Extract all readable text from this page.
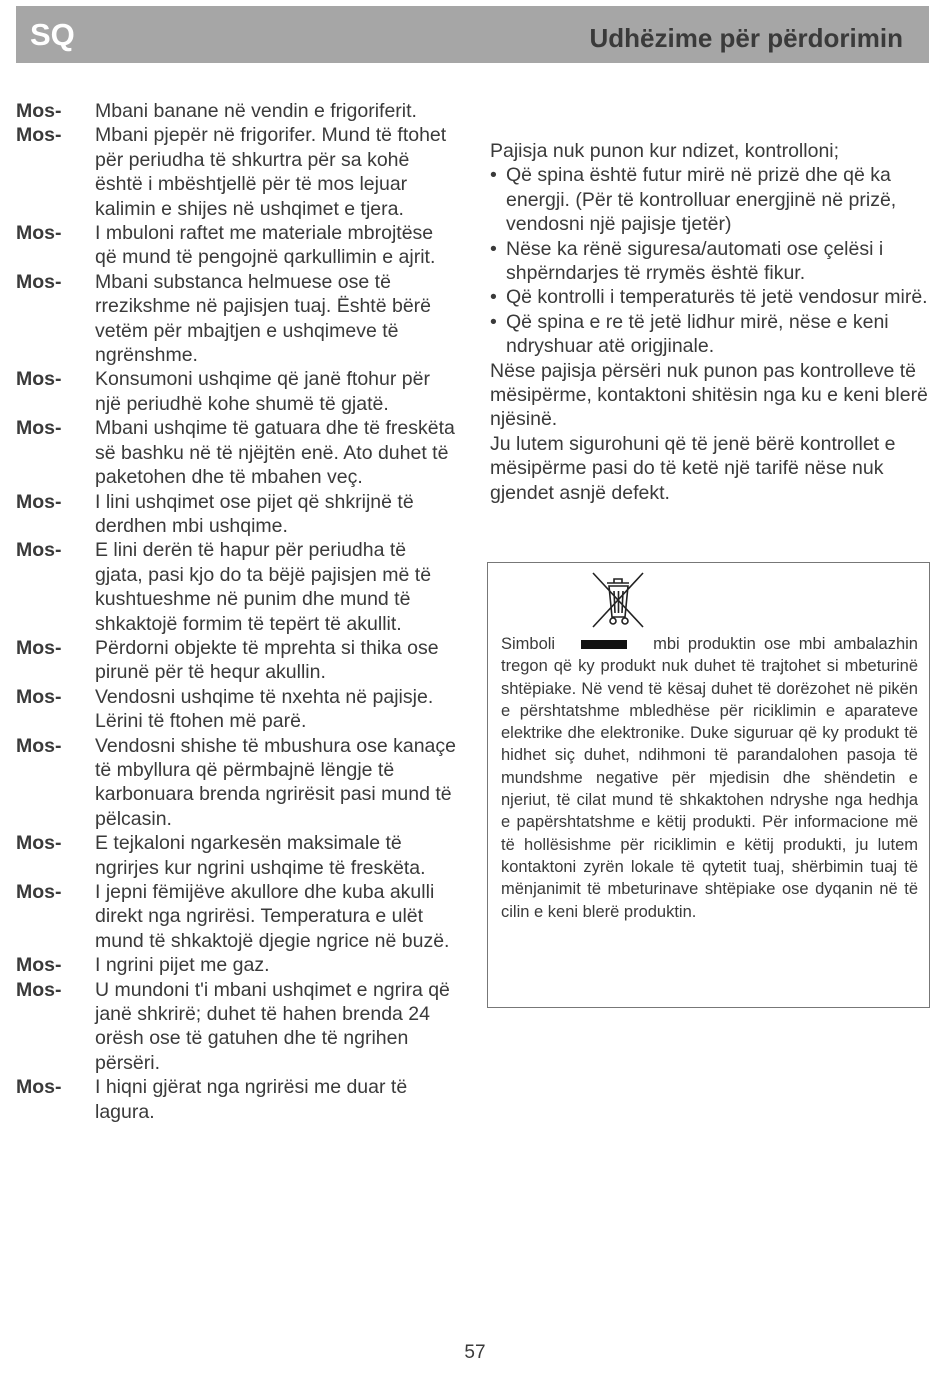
SQ	Udhëzime për përdorimin
Mos-	Mbani banane në vendin e frigoriferit.
Mos-	Mbani pjepër në frigorifer. Mund të ftohet për periudha të shkurtra për sa kohë është i mbështjellë për të mos lejuar kalimin e shijes në ushqimet e tjera.
Mos-	I mbuloni raftet me materiale mbrojtëse që mund të pengojnë qarkullimin e ajrit.
Mos-	Mbani substanca helmuese ose të rrezikshme në pajisjen tuaj. Është bërë vetëm për mbajtjen e ushqimeve të ngrënshme.
Mos-	Konsumoni ushqime që janë ftohur për një periudhë kohe shumë të gjatë.
Mos-	Mbani ushqime të gatuara dhe të freskëta së bashku në të njëjtën enë. Ato duhet të paketohen dhe të mbahen veç.
Mos-	I lini ushqimet ose pijet që shkrijnë të derdhen mbi ushqime.
Mos-	E lini derën të hapur për periudha të gjata, pasi kjo do ta bëjë pajisjen më të kushtueshme në punim dhe mund të shkaktojë formim të tepërt të akullit.
Mos-	Përdorni objekte të mprehta si thika ose pirunë për të hequr akullin.
Mos-	Vendosni ushqime të nxehta në pajisje. Lërini të ftohen më parë.
Mos-	Vendosni shishe të mbushura ose kanaçe të mbyllura që përmbajnë lëngje të karbonuara brenda ngrirësit pasi mund të pëlcasin.
Mos-	E tejkaloni ngarkesën maksimale të ngrirjes kur ngrini ushqime të freskëta.
Mos-	I jepni fëmijëve akullore dhe kuba akulli direkt nga ngrirësi. Temperatura e ulët mund të shkaktojë djegie ngrice në buzë.
Mos-	I ngrini pijet me gaz.
Mos-	U mundoni t'i mbani ushqimet e ngrira që janë shkrirë; duhet të hahen brenda 24 orësh ose të gatuhen dhe të ngrihen përsëri.
Mos-	I hiqni gjërat nga ngrirësi me duar të lagura.

Pajisja nuk punon kur ndizet, kontrolloni;

• Që spina është futur mirë në prizë dhe që ka energji. (Për të kontrolluar energjinë në prizë, vendosni një pajisje tjetër)
• Nëse ka rënë siguresa/automati ose çelësi i shpërndarjes të rrymës është fikur.
• Që kontrolli i temperaturës të jetë vendosur mirë.
• Që spina e re të jetë lidhur mirë, nëse e keni ndryshuar atë origjinale.

Nëse pajisja përsëri nuk punon pas kontrolleve të mësipërme, kontaktoni shitësin nga ku e keni blerë njësinë.

Ju lutem sigurohuni që të jenë bërë kontrollet e mësipërme pasi do të ketë një tarifë nëse nuk gjendet asnjë defekt.

Simboli	mbi produktin ose mbi ambalazhin tregon që ky produkt nuk duhet të trajtohet si mbeturinë shtëpiake. Në vend të kësaj duhet të dorëzohet në pikën e përshtatshme mbledhëse për riciklimin e aparateve elektrike dhe elektronike. Duke siguruar që ky produkt të hidhet siç duhet, ndihmoni të parandalohen pasoja të mundshme negative për mjedisin dhe shëndetin e njeriut, të cilat mund të shkaktohen ndryshe nga hedhja e papërshtatshme e këtij produkti. Për informacione më të hollësishme për riciklimin e këtij produkti, ju lutem kontaktoni zyrën lokale të qytetit tuaj, shërbimin tuaj të mënjanimit të mbeturinave shtëpiake ose dyqanin në të cilin e keni blerë produktin.
57
